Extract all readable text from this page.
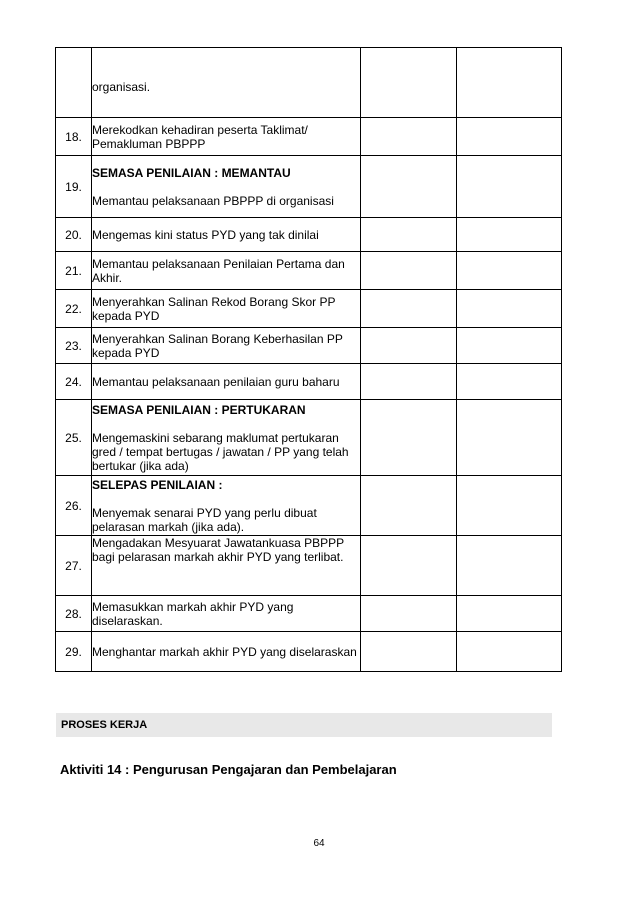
	organisasi.		

18.	Merekodkan kehadiran peserta Taklimat/ Pemakluman PBPPP		

19.	SEMASA PENILAIAN : MEMANTAU
Memantau pelaksanaan PBPPP di organisasi		

20.	Mengemas kini status PYD yang tak dinilai		

21.	Memantau pelaksanaan Penilaian Pertama dan Akhir.		

22.	Menyerahkan Salinan Rekod Borang Skor PP kepada PYD		

23.	Menyerahkan Salinan Borang Keberhasilan PP kepada PYD		

24.	Memantau pelaksanaan penilaian guru baharu		

25.	SEMASA PENILAIAN : PERTUKARAN
Mengemaskini sebarang maklumat pertukaran gred / tempat bertugas / jawatan / PP yang telah bertukar (jika ada)		

26.	SELEPAS PENILAIAN :
Menyemak senarai PYD yang perlu dibuat pelarasan markah (jika ada).		

27.	Mengadakan Mesyuarat Jawatankuasa PBPPP bagi pelarasan markah akhir PYD yang terlibat.		

28.	Memasukkan markah akhir PYD yang diselaraskan.		

29.	Menghantar markah akhir PYD yang diselaraskan		

PROSES KERJA
Aktiviti 14 : Pengurusan Pengajaran dan Pembelajaran
64
